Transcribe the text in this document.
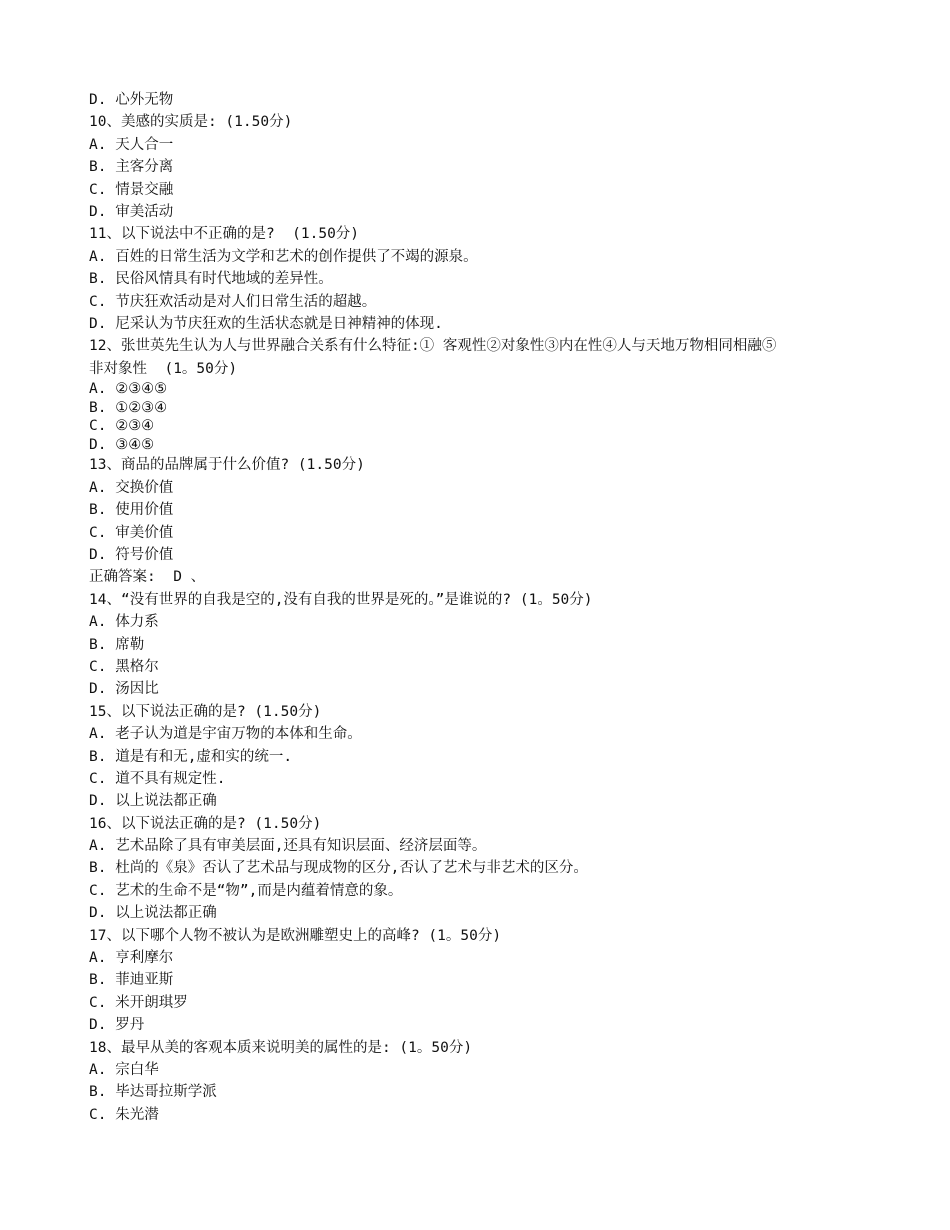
D. 心外无物
10、美感的实质是: (1.50分)
A. 天人合一
B. 主客分离
C. 情景交融
D. 审美活动
11、以下说法中不正确的是?  (1.50分)
A. 百姓的日常生活为文学和艺术的创作提供了不竭的源泉。
B. 民俗风情具有时代地域的差异性。
C. 节庆狂欢活动是对人们日常生活的超越。
D. 尼采认为节庆狂欢的生活状态就是日神精神的体现.
12、张世英先生认为人与世界融合关系有什么特征:① 客观性②对象性③内在性④人与天地万物相同相融⑤
非对象性  (1。50分)
A. ②③④⑤
B. ①②③④
C. ②③④
D. ③④⑤
13、商品的品牌属于什么价值? (1.50分)
A. 交换价值
B. 使用价值
C. 审美价值
D. 符号价值
正确答案:  D 、
14、“没有世界的自我是空的,没有自我的世界是死的。”是谁说的? (1。50分)
A. 体力系
B. 席勒
C. 黑格尔
D. 汤因比
15、以下说法正确的是? (1.50分)
A. 老子认为道是宇宙万物的本体和生命。
B. 道是有和无,虚和实的统一.
C. 道不具有规定性.
D. 以上说法都正确
16、以下说法正确的是? (1.50分)
A. 艺术品除了具有审美层面,还具有知识层面、经济层面等。
B. 杜尚的《泉》否认了艺术品与现成物的区分,否认了艺术与非艺术的区分。
C. 艺术的生命不是“物”,而是内蕴着情意的象。
D. 以上说法都正确
17、以下哪个人物不被认为是欧洲雕塑史上的高峰? (1。50分)
A. 亨利摩尔
B. 菲迪亚斯
C. 米开朗琪罗
D. 罗丹
18、最早从美的客观本质来说明美的属性的是: (1。50分)
A. 宗白华
B. 毕达哥拉斯学派
C. 朱光潜
